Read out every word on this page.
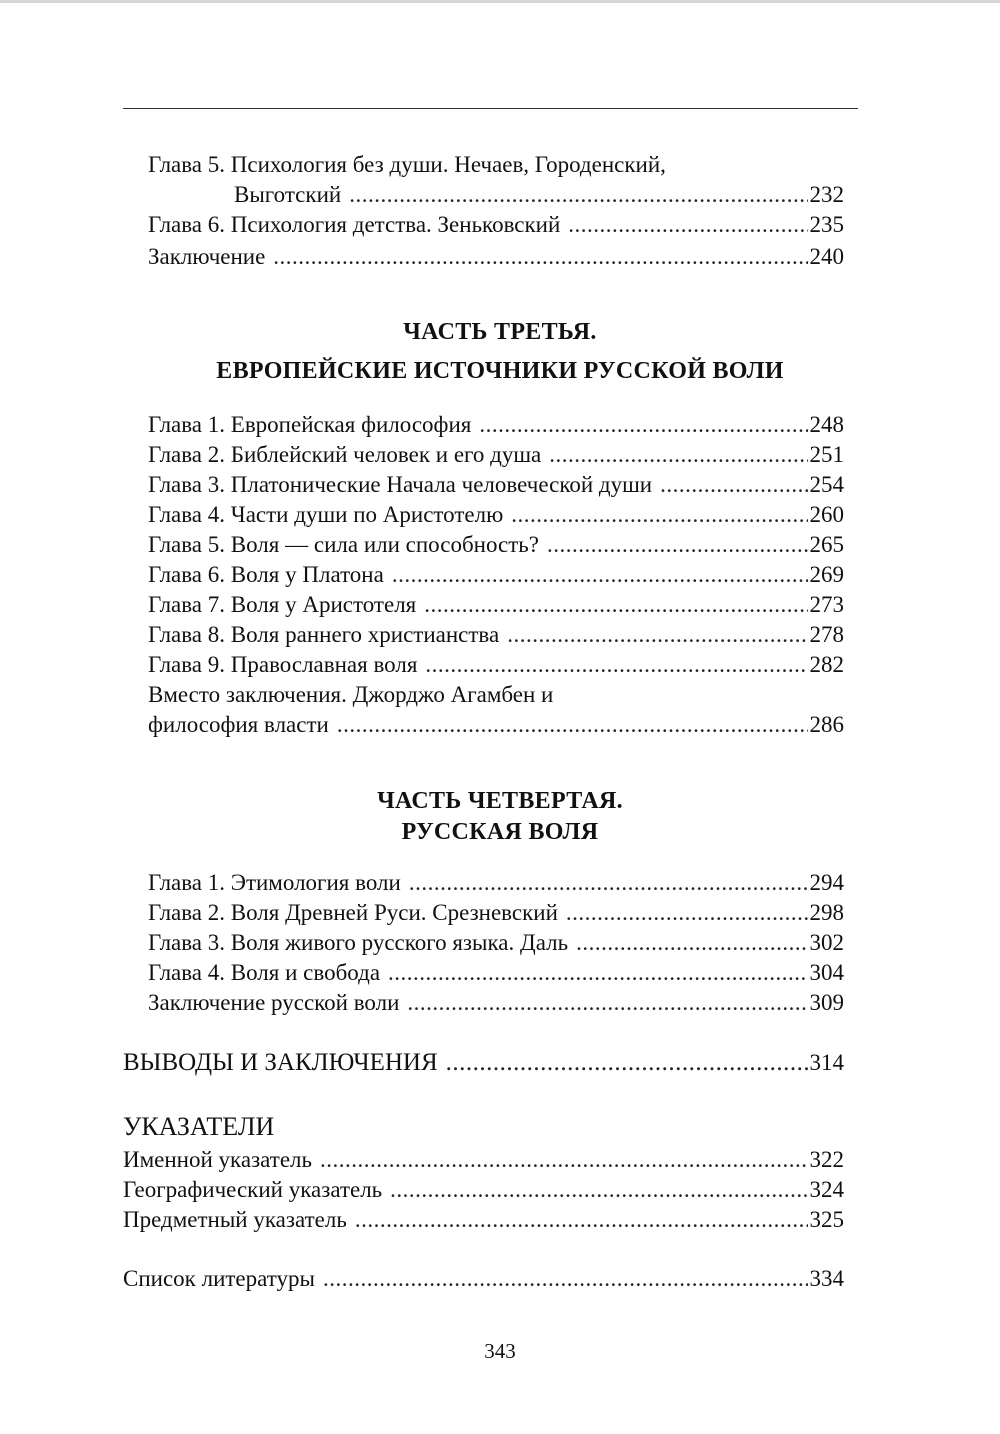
Глава 5. Психология без души. Нечаев, Городенский,
Выготский .....	232
Глава 6. Психология детства. Зеньковский .....	235
Заключение .....	240
ЧАСТЬ ТРЕТЬЯ.
ЕВРОПЕЙСКИЕ ИСТОЧНИКИ РУССКОЙ ВОЛИ
Глава 1. Европейская философия .....	248
Глава 2. Библейский человек и его душа .....	251
Глава 3. Платонические Начала человеческой души .....	254
Глава 4. Части души по Аристотелю .....	260
Глава 5. Воля — сила или способность? .....	265
Глава 6. Воля у Платона .....	269
Глава 7. Воля у Аристотеля .....	273
Глава 8. Воля раннего христианства .....	278
Глава 9. Православная воля .....	282
Вместо заключения. Джорджо Агамбен и
философия власти .....	286
ЧАСТЬ ЧЕТВЕРТАЯ.
РУССКАЯ ВОЛЯ
Глава 1. Этимология воли .....	294
Глава 2. Воля Древней Руси. Срезневский .....	298
Глава 3. Воля живого русского языка. Даль .....	302
Глава 4. Воля и свобода .....	304
Заключение русской воли .....	309
ВЫВОДЫ И ЗАКЛЮЧЕНИЯ .....	314
УКАЗАТЕЛИ
Именной указатель .....	322
Географический указатель .....	324
Предметный указатель .....	325
Список литературы .....	334
343
